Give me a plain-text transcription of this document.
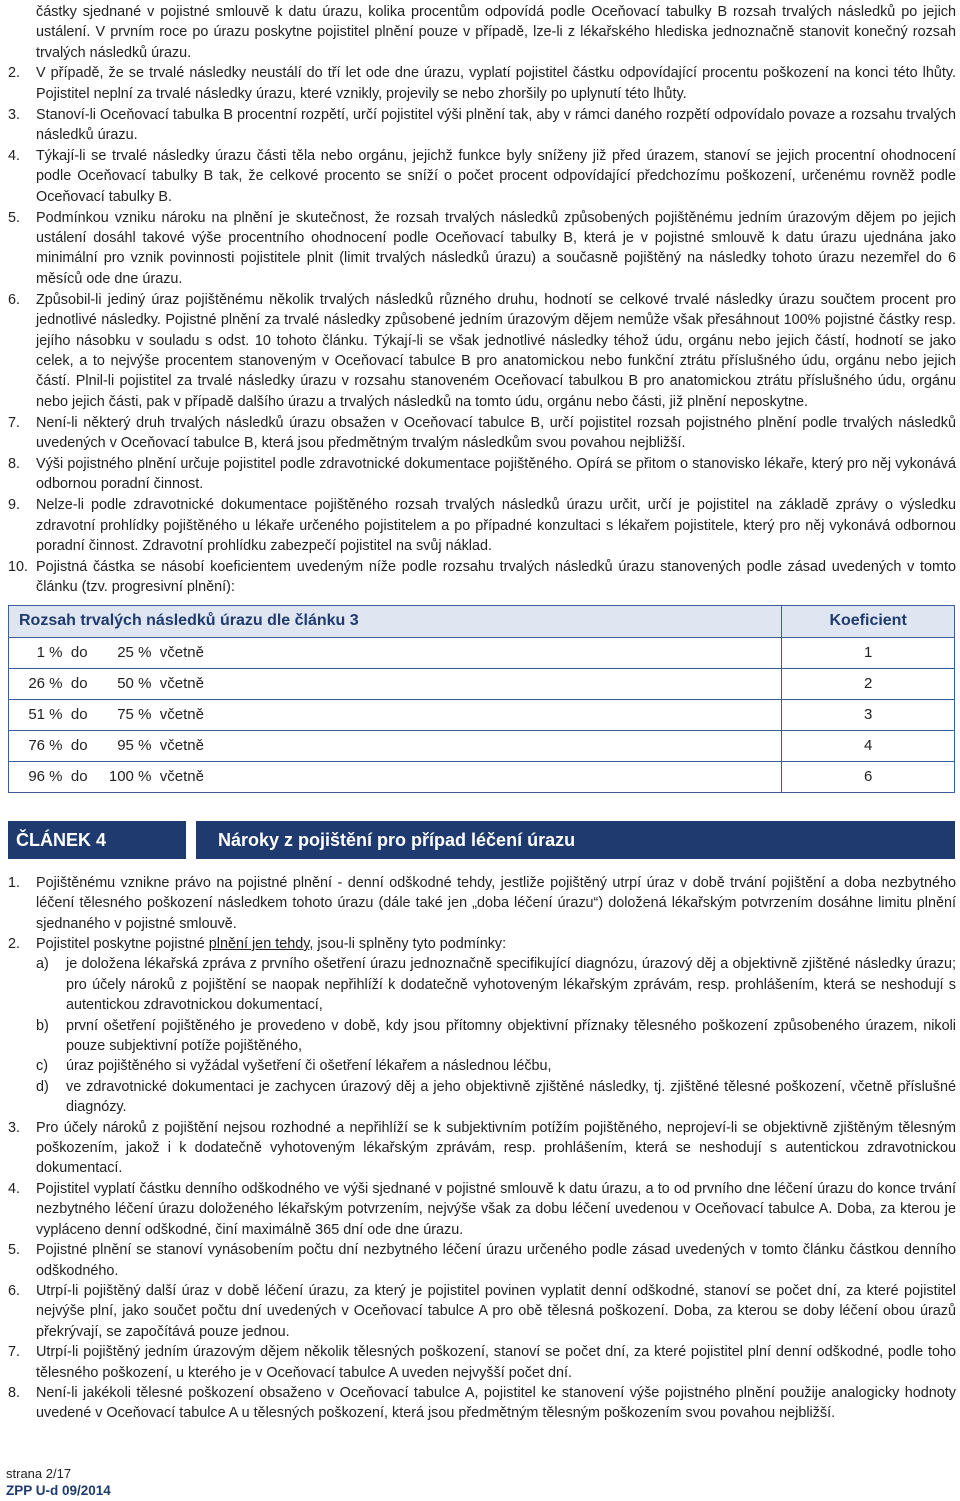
částky sjednané v pojistné smlouvě k datu úrazu, kolika procentům odpovídá podle Oceňovací tabulky B rozsah trvalých následků po jejich ustálení. V prvním roce po úrazu poskytne pojistitel plnění pouze v případě, lze-li z lékařského hlediska jednoznačně stanovit konečný rozsah trvalých následků úrazu.

2.	V případě, že se trvalé následky neustálí do tří let ode dne úrazu, vyplatí pojistitel částku odpovídající procentu poškození na konci této lhůty. Pojistitel neplní za trvalé následky úrazu, které vznikly, projevily se nebo zhoršily po uplynutí této lhůty.
3.	Stanoví-li Oceňovací tabulka B procentní rozpětí, určí pojistitel výši plnění tak, aby v rámci daného rozpětí odpovídalo povaze a rozsahu trvalých následků úrazu.
4.	Týkají-li se trvalé následky úrazu části těla nebo orgánu, jejichž funkce byly sníženy již před úrazem, stanoví se jejich procentní ohodnocení podle Oceňovací tabulky B tak, že celkové procento se sníží o počet procent odpovídající předchozímu poškození, určenému rovněž podle Oceňovací tabulky B.
5.	Podmínkou vzniku nároku na plnění je skutečnost, že rozsah trvalých následků způsobených pojištěnému jedním úrazovým dějem po jejich ustálení dosáhl takové výše procentního ohodnocení podle Oceňovací tabulky B, která je v pojistné smlouvě k datu úrazu ujednána jako minimální pro vznik povinnosti pojistitele plnit (limit trvalých následků úrazu) a současně pojištěný na následky tohoto úrazu nezemřel do 6 měsíců ode dne úrazu.
6.	Způsobil-li jediný úraz pojištěnému několik trvalých následků různého druhu, hodnotí se celkové trvalé následky úrazu součtem procent pro jednotlivé následky. Pojistné plnění za trvalé následky způsobené jedním úrazovým dějem nemůže však přesáhnout 100% pojistné částky resp. jejího násobku v souladu s odst. 10 tohoto článku. Týkají-li se však jednotlivé následky téhož údu, orgánu nebo jejich částí, hodnotí se jako celek, a to nejvýše procentem stanoveným v Oceňovací tabulce B pro anatomickou nebo funkční ztrátu příslušného údu, orgánu nebo jejich částí. Plnil-li pojistitel za trvalé následky úrazu v rozsahu stanoveném Oceňovací tabulkou B pro anatomickou ztrátu příslušného údu, orgánu nebo jejich části, pak v případě dalšího úrazu a trvalých následků na tomto údu, orgánu nebo části, již plnění neposkytne.
7.	Není-li některý druh trvalých následků úrazu obsažen v Oceňovací tabulce B, určí pojistitel rozsah pojistného plnění podle trvalých následků uvedených v Oceňovací tabulce B, která jsou předmětným trvalým následkům svou povahou nejbližší.
8.	Výši pojistného plnění určuje pojistitel podle zdravotnické dokumentace pojištěného. Opírá se přitom o stanovisko lékaře, který pro něj vykonává odbornou poradní činnost.
9.	Nelze-li podle zdravotnické dokumentace pojištěného rozsah trvalých následků úrazu určit, určí je pojistitel na základě zprávy o výsledku zdravotní prohlídky pojištěného u lékaře určeného pojistitelem a po případné konzultaci s lékařem pojistitele, který pro něj vykonává odbornou poradní činnost. Zdravotní prohlídku zabezpečí pojistitel na svůj náklad.
10. Pojistná částka se násobí koeficientem uvedeným níže podle rozsahu trvalých následků úrazu stanovených podle zásad uvedených v tomto článku (tzv. progresivní plnění):
Rozsah trvalých následků úrazu dle článku 3	Koeficient
1 % do 25 % včetně	1
26 % do 50 % včetně	2
51 % do 75 % včetně	3
76 % do 95 % včetně	4
96 % do 100 % včetně	6
ČLÁNEK 4	Nároky z pojištění pro případ léčení úrazu
1.	Pojištěnému vznikne právo na pojistné plnění - denní odškodné tehdy, jestliže pojištěný utrpí úraz v době trvání pojištění a doba nezbytného léčení tělesného poškození následkem tohoto úrazu (dále také jen „doba léčení úrazu“) doložená lékařským potvrzením dosáhne limitu plnění sjednaného v pojistné smlouvě.
2.	Pojistitel poskytne pojistné plnění jen tehdy, jsou-li splněny tyto podmínky:
a)	je doložena lékařská zpráva z prvního ošetření úrazu jednoznačně specifikující diagnózu, úrazový děj a objektivně zjištěné následky úrazu; pro účely nároků z pojištění se naopak nepřihlíží k dodatečně vyhotoveným lékařským zprávám, resp. prohlášením, která se neshodují s autentickou zdravotnickou dokumentací,
b)	první ošetření pojištěného je provedeno v době, kdy jsou přítomny objektivní příznaky tělesného poškození způsobeného úrazem, nikoli pouze subjektivní potíže pojištěného,
c)	úraz pojištěného si vyžádal vyšetření či ošetření lékařem a následnou léčbu,
d)	ve zdravotnické dokumentaci je zachycen úrazový děj a jeho objektivně zjištěné následky, tj. zjištěné tělesné poškození, včetně příslušné diagnózy.
3.	Pro účely nároků z pojištění nejsou rozhodné a nepřihlíží se k subjektivním potížím pojištěného, neprojeví-li se objektivně zjištěným tělesným poškozením, jakož i k dodatečně vyhotoveným lékařským zprávám, resp. prohlášením, která se neshodují s autentickou zdravotnickou dokumentací.
4.	Pojistitel vyplatí částku denního odškodného ve výši sjednané v pojistné smlouvě k datu úrazu, a to od prvního dne léčení úrazu do konce trvání nezbytného léčení úrazu doloženého lékařským potvrzením, nejvýše však za dobu léčení uvedenou v Oceňovací tabulce A. Doba, za kterou je vypláceno denní odškodné, činí maximálně 365 dní ode dne úrazu.
5.	Pojistné plnění se stanoví vynásobením počtu dní nezbytného léčení úrazu určeného podle zásad uvedených v tomto článku částkou denního odškodného.
6.	Utrpí-li pojištěný další úraz v době léčení úrazu, za který je pojistitel povinen vyplatit denní odškodné, stanoví se počet dní, za které pojistitel nejvýše plní, jako součet počtu dní uvedených v Oceňovací tabulce A pro obě tělesná poškození. Doba, za kterou se doby léčení obou úrazů překrývají, se započítává pouze jednou.
7.	Utrpí-li pojištěný jedním úrazovým dějem několik tělesných poškození, stanoví se počet dní, za které pojistitel plní denní odškodné, podle toho tělesného poškození, u kterého je v Oceňovací tabulce A uveden nejvyšší počet dní.
8.	Není-li jakékoli tělesné poškození obsaženo v Oceňovací tabulce A, pojistitel ke stanovení výše pojistného plnění použije analogicky hodnoty uvedené v Oceňovací tabulce A u tělesných poškození, která jsou předmětným tělesným poškozením svou povahou nejbližší.
strana 2/17
ZPP U-d 09/2014
